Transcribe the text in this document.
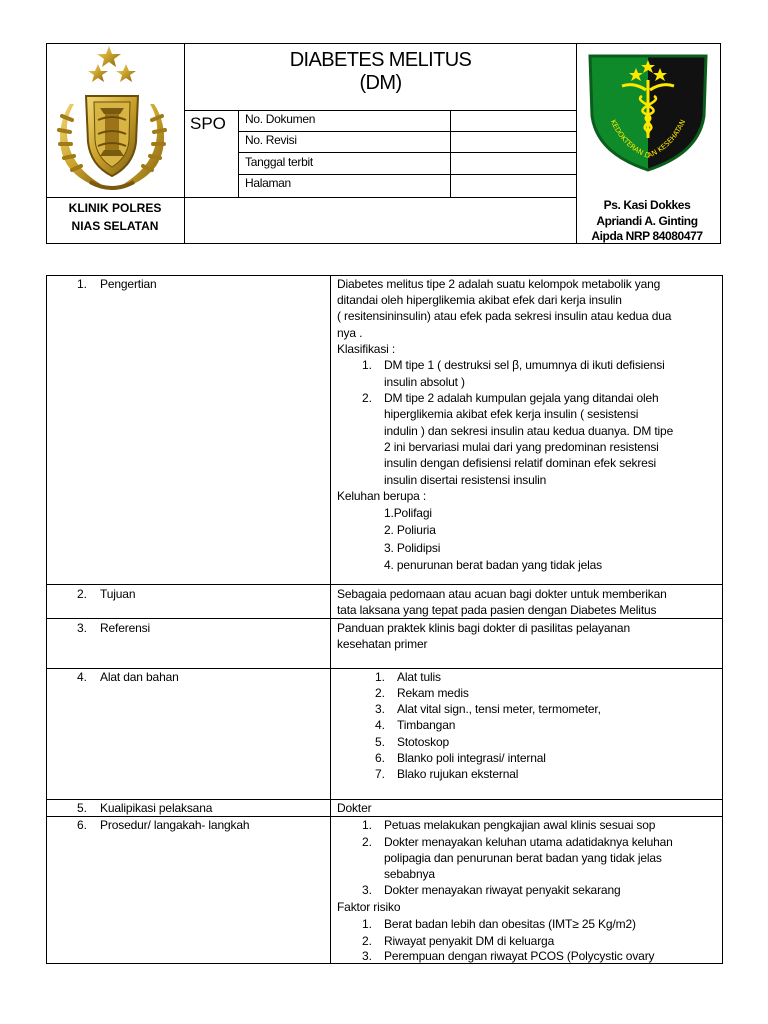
DIABETES MELITUS
(DM)
SPO No. Dokumen
No. Revisi
Tanggal terbit
Halaman
KEDOKTERAN DAN KESEHATAN
KLINIK POLRES
NIAS SELATAN
Ps. Kasi Dokkes
Apriandi A. Ginting
Aipda NRP 84080477
1. Pengertian	Diabetes melitus tipe 2 adalah suatu kelompok metabolik yang
ditandai oleh hiperglikemia akibat efek dari kerja insulin
( resitensininsulin) atau efek pada sekresi insulin atau kedua dua
nya .
Klasifikasi :
1. DM tipe 1 ( destruksi sel β, umumnya di ikuti defisiensi
insulin absolut )
2. DM tipe 2 adalah kumpulan gejala yang ditandai oleh
hiperglikemia akibat efek kerja insulin ( sesistensi
indulin ) dan sekresi insulin atau kedua duanya. DM tipe
2 ini bervariasi mulai dari yang predominan resistensi
insulin dengan defisiensi relatif dominan efek sekresi
insulin disertai resistensi insulin
Keluhan berupa :
1.Polifagi
2. Poliuria
3. Polidipsi
4. penurunan berat badan yang tidak jelas
2. Tujuan	Sebagaia pedomaan atau acuan bagi dokter untuk memberikan
tata laksana yang tepat pada pasien dengan Diabetes Melitus
3. Referensi	Panduan praktek klinis bagi dokter di pasilitas pelayanan
kesehatan primer
4. Alat dan bahan	1. Alat tulis
2. Rekam medis
3. Alat vital sign., tensi meter, termometer,
4. Timbangan
5. Stotoskop
6. Blanko poli integrasi/ internal
7. Blako rujukan eksternal
5. Kualipikasi pelaksana	Dokter
6. Prosedur/ langakah- langkah	1. Petuas melakukan pengkajian awal klinis sesuai sop
2. Dokter menayakan keluhan utama adatidaknya keluhan
polipagia dan penurunan berat badan yang tidak jelas
sebabnya
3. Dokter menayakan riwayat penyakit sekarang
Faktor risiko
1. Berat badan lebih dan obesitas (IMT≥ 25 Kg/m2)
2. Riwayat penyakit DM di keluarga
3. Perempuan dengan riwayat PCOS (Polycystic ovary
